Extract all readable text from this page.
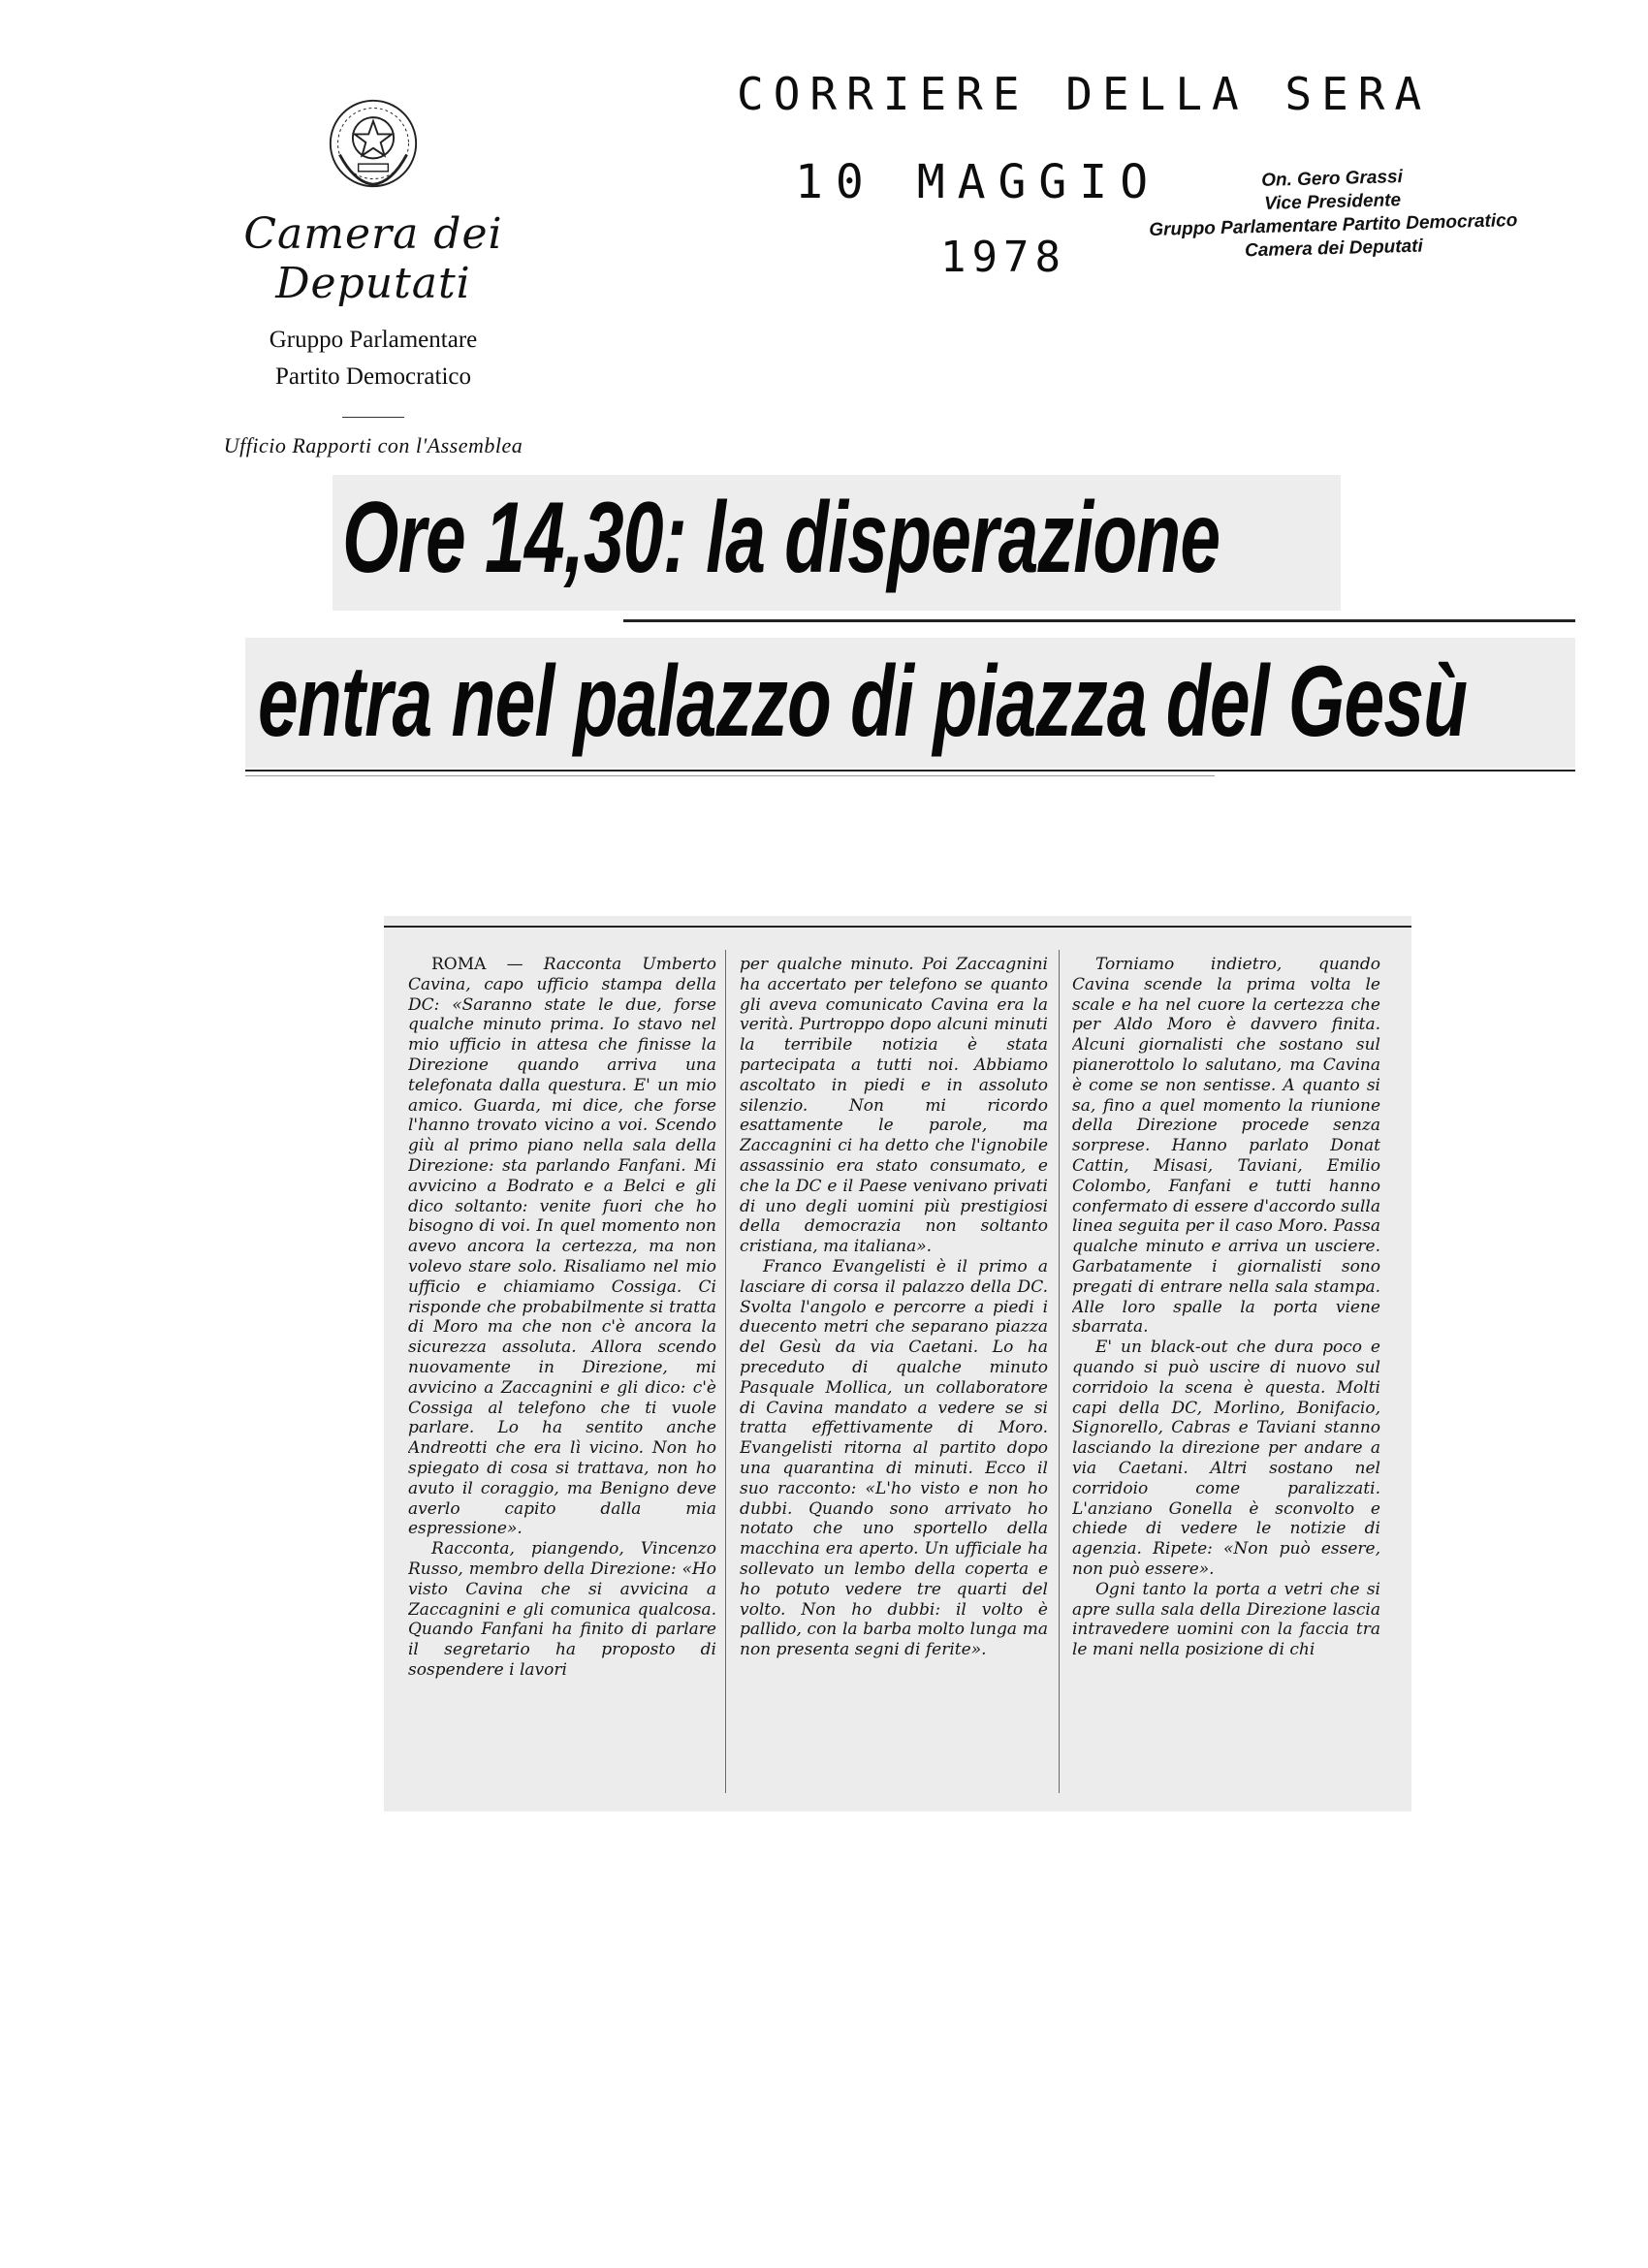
Camera dei Deputati
Gruppo Parlamentare
Partito Democratico
Ufficio Rapporti con l'Assemblea
CORRIERE DELLA SERA
10 MAGGIO
1978
On. Gero Grassi
Vice Presidente
Gruppo Parlamentare Partito Democratico
Camera dei Deputati
Ore 14,30: la disperazione
entra nel palazzo di piazza del Gesù

ROMA — Racconta Umberto Cavina, capo ufficio stampa della DC: «Saranno state le due, forse qualche minuto prima. Io stavo nel mio ufficio in attesa che finisse la Direzione quando arriva una telefonata dalla questura. E' un mio amico. Guarda, mi dice, che forse l'hanno trovato vicino a voi. Scendo giù al primo piano nella sala della Direzione: sta parlando Fanfani. Mi avvicino a Bodrato e a Belci e gli dico soltanto: venite fuori che ho bisogno di voi. In quel momento non avevo ancora la certezza, ma non volevo stare solo. Risaliamo nel mio ufficio e chiamiamo Cossiga. Ci risponde che probabilmente si tratta di Moro ma che non c'è ancora la sicurezza assoluta. Allora scendo nuovamente in Direzione, mi avvicino a Zaccagnini e gli dico: c'è Cossiga al telefono che ti vuole parlare. Lo ha sentito anche Andreotti che era lì vicino. Non ho spiegato di cosa si trattava, non ho avuto il coraggio, ma Benigno deve averlo capito dalla mia espressione».

Racconta, piangendo, Vincenzo Russo, membro della Direzione: «Ho visto Cavina che si avvicina a Zaccagnini e gli comunica qualcosa. Quando Fanfani ha finito di parlare il segretario ha proposto di sospendere i lavori

per qualche minuto. Poi Zaccagnini ha accertato per telefono se quanto gli aveva comunicato Cavina era la verità. Purtroppo dopo alcuni minuti la terribile notizia è stata partecipata a tutti noi. Abbiamo ascoltato in piedi e in assoluto silenzio. Non mi ricordo esattamente le parole, ma Zaccagnini ci ha detto che l'ignobile assassinio era stato consumato, e che la DC e il Paese venivano privati di uno degli uomini più prestigiosi della democrazia non soltanto cristiana, ma italiana».

Franco Evangelisti è il primo a lasciare di corsa il palazzo della DC. Svolta l'angolo e percorre a piedi i duecento metri che separano piazza del Gesù da via Caetani. Lo ha preceduto di qualche minuto Pasquale Mollica, un collaboratore di Cavina mandato a vedere se si tratta effettivamente di Moro. Evangelisti ritorna al partito dopo una quarantina di minuti. Ecco il suo racconto: «L'ho visto e non ho dubbi. Quando sono arrivato ho notato che uno sportello della macchina era aperto. Un ufficiale ha sollevato un lembo della coperta e ho potuto vedere tre quarti del volto. Non ho dubbi: il volto è pallido, con la barba molto lunga ma non presenta segni di ferite».

Torniamo indietro, quando Cavina scende la prima volta le scale e ha nel cuore la certezza che per Aldo Moro è davvero finita. Alcuni giornalisti che sostano sul pianerottolo lo salutano, ma Cavina è come se non sentisse. A quanto si sa, fino a quel momento la riunione della Direzione procede senza sorprese. Hanno parlato Donat Cattin, Misasi, Taviani, Emilio Colombo, Fanfani e tutti hanno confermato di essere d'accordo sulla linea seguita per il caso Moro. Passa qualche minuto e arriva un usciere. Garbatamente i giornalisti sono pregati di entrare nella sala stampa. Alle loro spalle la porta viene sbarrata.

E' un black-out che dura poco e quando si può uscire di nuovo sul corridoio la scena è questa. Molti capi della DC, Morlino, Bonifacio, Signorello, Cabras e Taviani stanno lasciando la direzione per andare a via Caetani. Altri sostano nel corridoio come paralizzati. L'anziano Gonella è sconvolto e chiede di vedere le notizie di agenzia. Ripete: «Non può essere, non può essere».

Ogni tanto la porta a vetri che si apre sulla sala della Direzione lascia intravedere uomini con la faccia tra le mani nella posizione di chi
